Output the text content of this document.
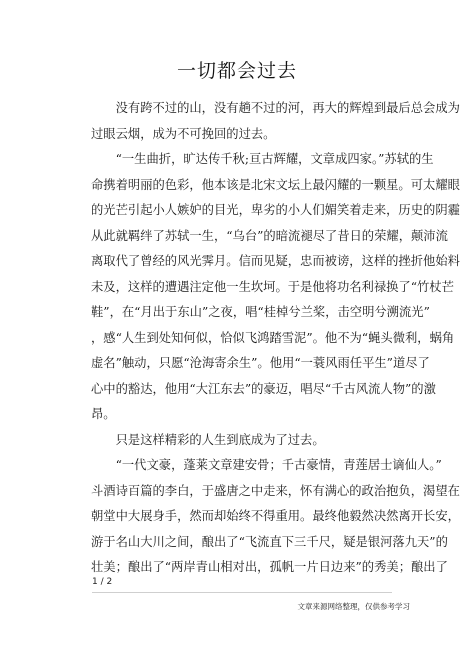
一切都会过去
　　没有跨不过的山，没有趟不过的河，再大的辉煌到最后总会成为
过眼云烟，成为不可挽回的过去。
　　“一生曲折，旷达传千秋;亘古辉耀，文章成四家。”苏轼的生
命携着明丽的色彩，他本该是北宋文坛上最闪耀的一颗星。可太耀眼
的光芒引起小人嫉妒的目光，卑劣的小人们媚笑着走来，历史的阴霾
从此就羁绊了苏轼一生，“乌台”的暗流褪尽了昔日的荣耀，颠沛流
离取代了曾经的风光霁月。信而见疑，忠而被谤，这样的挫折他始料
未及，这样的遭遇注定他一生坎坷。于是他将功名利禄换了“竹杖芒
鞋”，在“月出于东山”之夜，唱“桂棹兮兰桨，击空明兮溯流光”
，感“人生到处知何似，恰似飞鸿踏雪泥”。他不为“蝇头微利，蜗角
虚名”触动，只愿“沧海寄余生”。他用“一蓑风雨任平生”道尽了
心中的豁达，他用“大江东去”的豪迈，唱尽“千古风流人物”的激
昂。
　　只是这样精彩的人生到底成为了过去。
　　“一代文豪，蓬莱文章建安骨；千古豪情，青莲居士谪仙人。”
斗酒诗百篇的李白，于盛唐之中走来，怀有满心的政治抱负，渴望在
朝堂中大展身手，然而却始终不得重用。最终他毅然决然离开长安，
游于名山大川之间，酿出了“飞流直下三千尺，疑是银河落九天”的
壮美；酿出了“两岸青山相对出，孤帆一片日边来”的秀美；酿出了
1 / 2
文章来源网络整理，仅供参考学习
